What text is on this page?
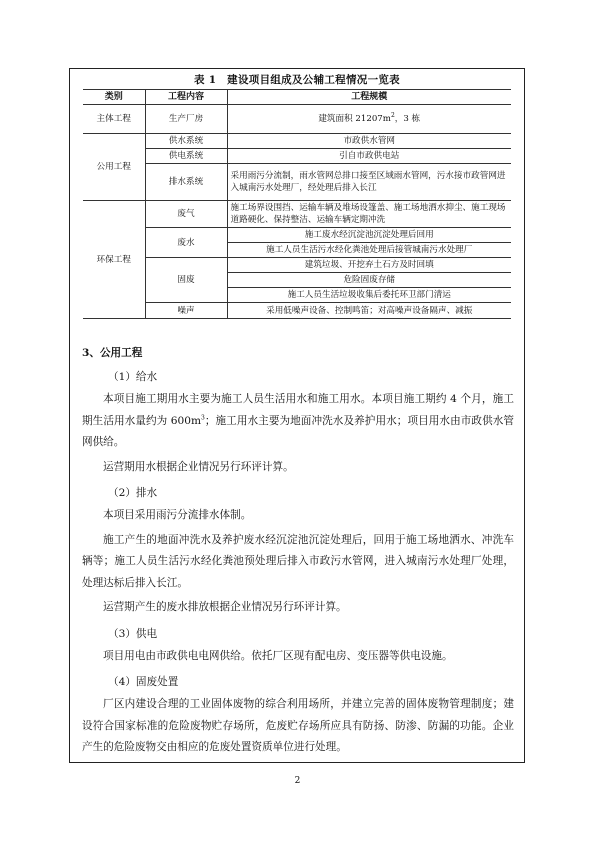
表 1　建设项目组成及公辅工程情况一览表
类别	工程内容	工程规模
主体工程	生产厂房	建筑面积 $21207m^2$，3 栋
公用工程	供水系统	市政供水管网
	供电系统	引自市政供电站
	排水系统	采用雨污分流制，雨水管网总排口接至区域雨水管网，污水接市政管网进入城南污水处理厂，经处理后排入长江
环保工程	废气	施工场界设围挡、运输车辆及堆场设篷盖、施工场地洒水抑尘、施工现场道路硬化、保持整洁、运输车辆定期冲洗
	废水	施工废水经沉淀池沉淀处理后回用
		施工人员生活污水经化粪池处理后接管城南污水处理厂
	固废	建筑垃圾、开挖弃土石方及时回填
		危险固废存储
		施工人员生活垃圾收集后委托环卫部门清运
	噪声	采用低噪声设备、控制鸣笛；对高噪声设备隔声、减振

3、公用工程

（1）给水

本项目施工期用水主要为施工人员生活用水和施工用水。本项目施工期约 4 个月，施工期生活用水量约为 $600m^3$；施工用水主要为地面冲洗水及养护用水；项目用水由市政供水管网供给。

运营期用水根据企业情况另行环评计算。

（2）排水

本项目采用雨污分流排水体制。

施工产生的地面冲洗水及养护废水经沉淀池沉淀处理后，回用于施工场地洒水、冲洗车辆等；施工人员生活污水经化粪池预处理后排入市政污水管网，进入城南污水处理厂处理，处理达标后排入长江。

运营期产生的废水排放根据企业情况另行环评计算。

（3）供电

项目用电由市政供电电网供给。依托厂区现有配电房、变压器等供电设施。

（4）固废处置

厂区内建设合理的工业固体废物的综合利用场所，并建立完善的固体废物管理制度；建设符合国家标准的危险废物贮存场所，危废贮存场所应具有防扬、防渗、防漏的功能。企业产生的危险废物交由相应的危废处置资质单位进行处理。

2
